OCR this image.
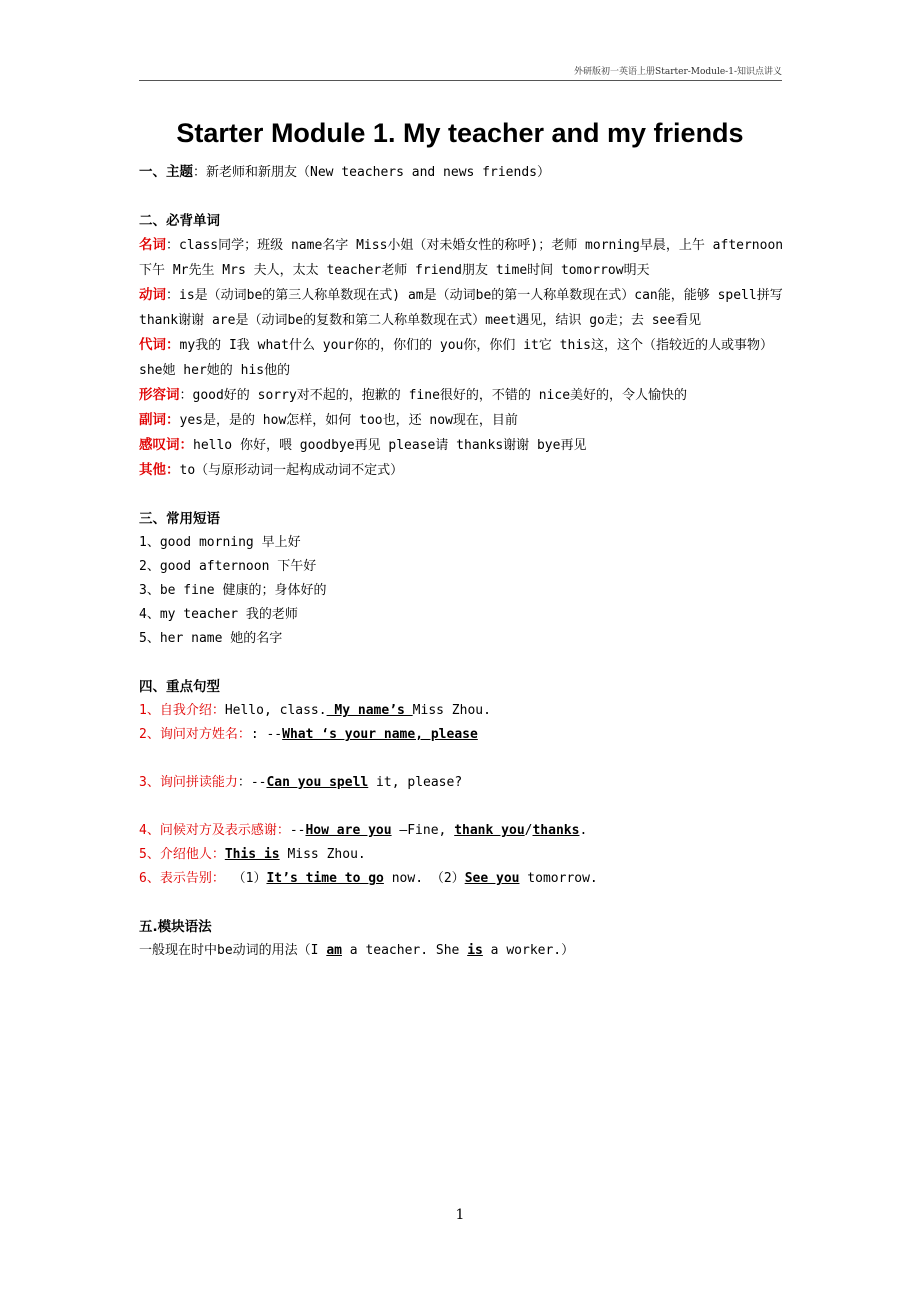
外研版初一英语上册Starter-Module-1-知识点讲义
Starter Module 1. My teacher and my friends
一、主题：新老师和新朋友（New teachers and news friends）
二、必背单词
名词：class同学；班级 name名字 Miss小姐（对未婚女性的称呼)；老师 morning早晨，上午 afternoon下午 Mr先生 Mrs 夫人，太太 teacher老师 friend朋友 time时间 tomorrow明天
动词：is是（动词be的第三人称单数现在式) am是（动词be的第一人称单数现在式）can能，能够 spell拼写 thank谢谢 are是（动词be的复数和第二人称单数现在式）meet遇见，结识 go走；去 see看见
代词：my我的 I我 what什么 your你的，你们的 you你，你们 it它 this这，这个（指较近的人或事物） she她 her她的 his他的
形容词：good好的 sorry对不起的，抱歉的 fine很好的，不错的 nice美好的，令人愉快的
副词：yes是，是的 how怎样，如何 too也，还 now现在，目前
感叹词：hello 你好，喂 goodbye再见 please请 thanks谢谢 bye再见
其他：to（与原形动词一起构成动词不定式）
三、常用短语
1、good morning 早上好
2、good afternoon 下午好
3、be fine 健康的；身体好的
4、my teacher 我的老师
5、her name 她的名字
四、重点句型
1、自我介绍：Hello, class. My name’s Miss Zhou.
2、询问对方姓名：: --What ‘s your name, please
3、询问拼读能力：--Can you spell it, please?
4、问候对方及表示感谢：--How are you –Fine, thank you/thanks.
5、介绍他人：This is Miss Zhou.
6、表示告别： （1）It’s time to go now. （2）See you tomorrow.
五.模块语法
一般现在时中be动词的用法（I am a teacher. She is a worker.）
1
